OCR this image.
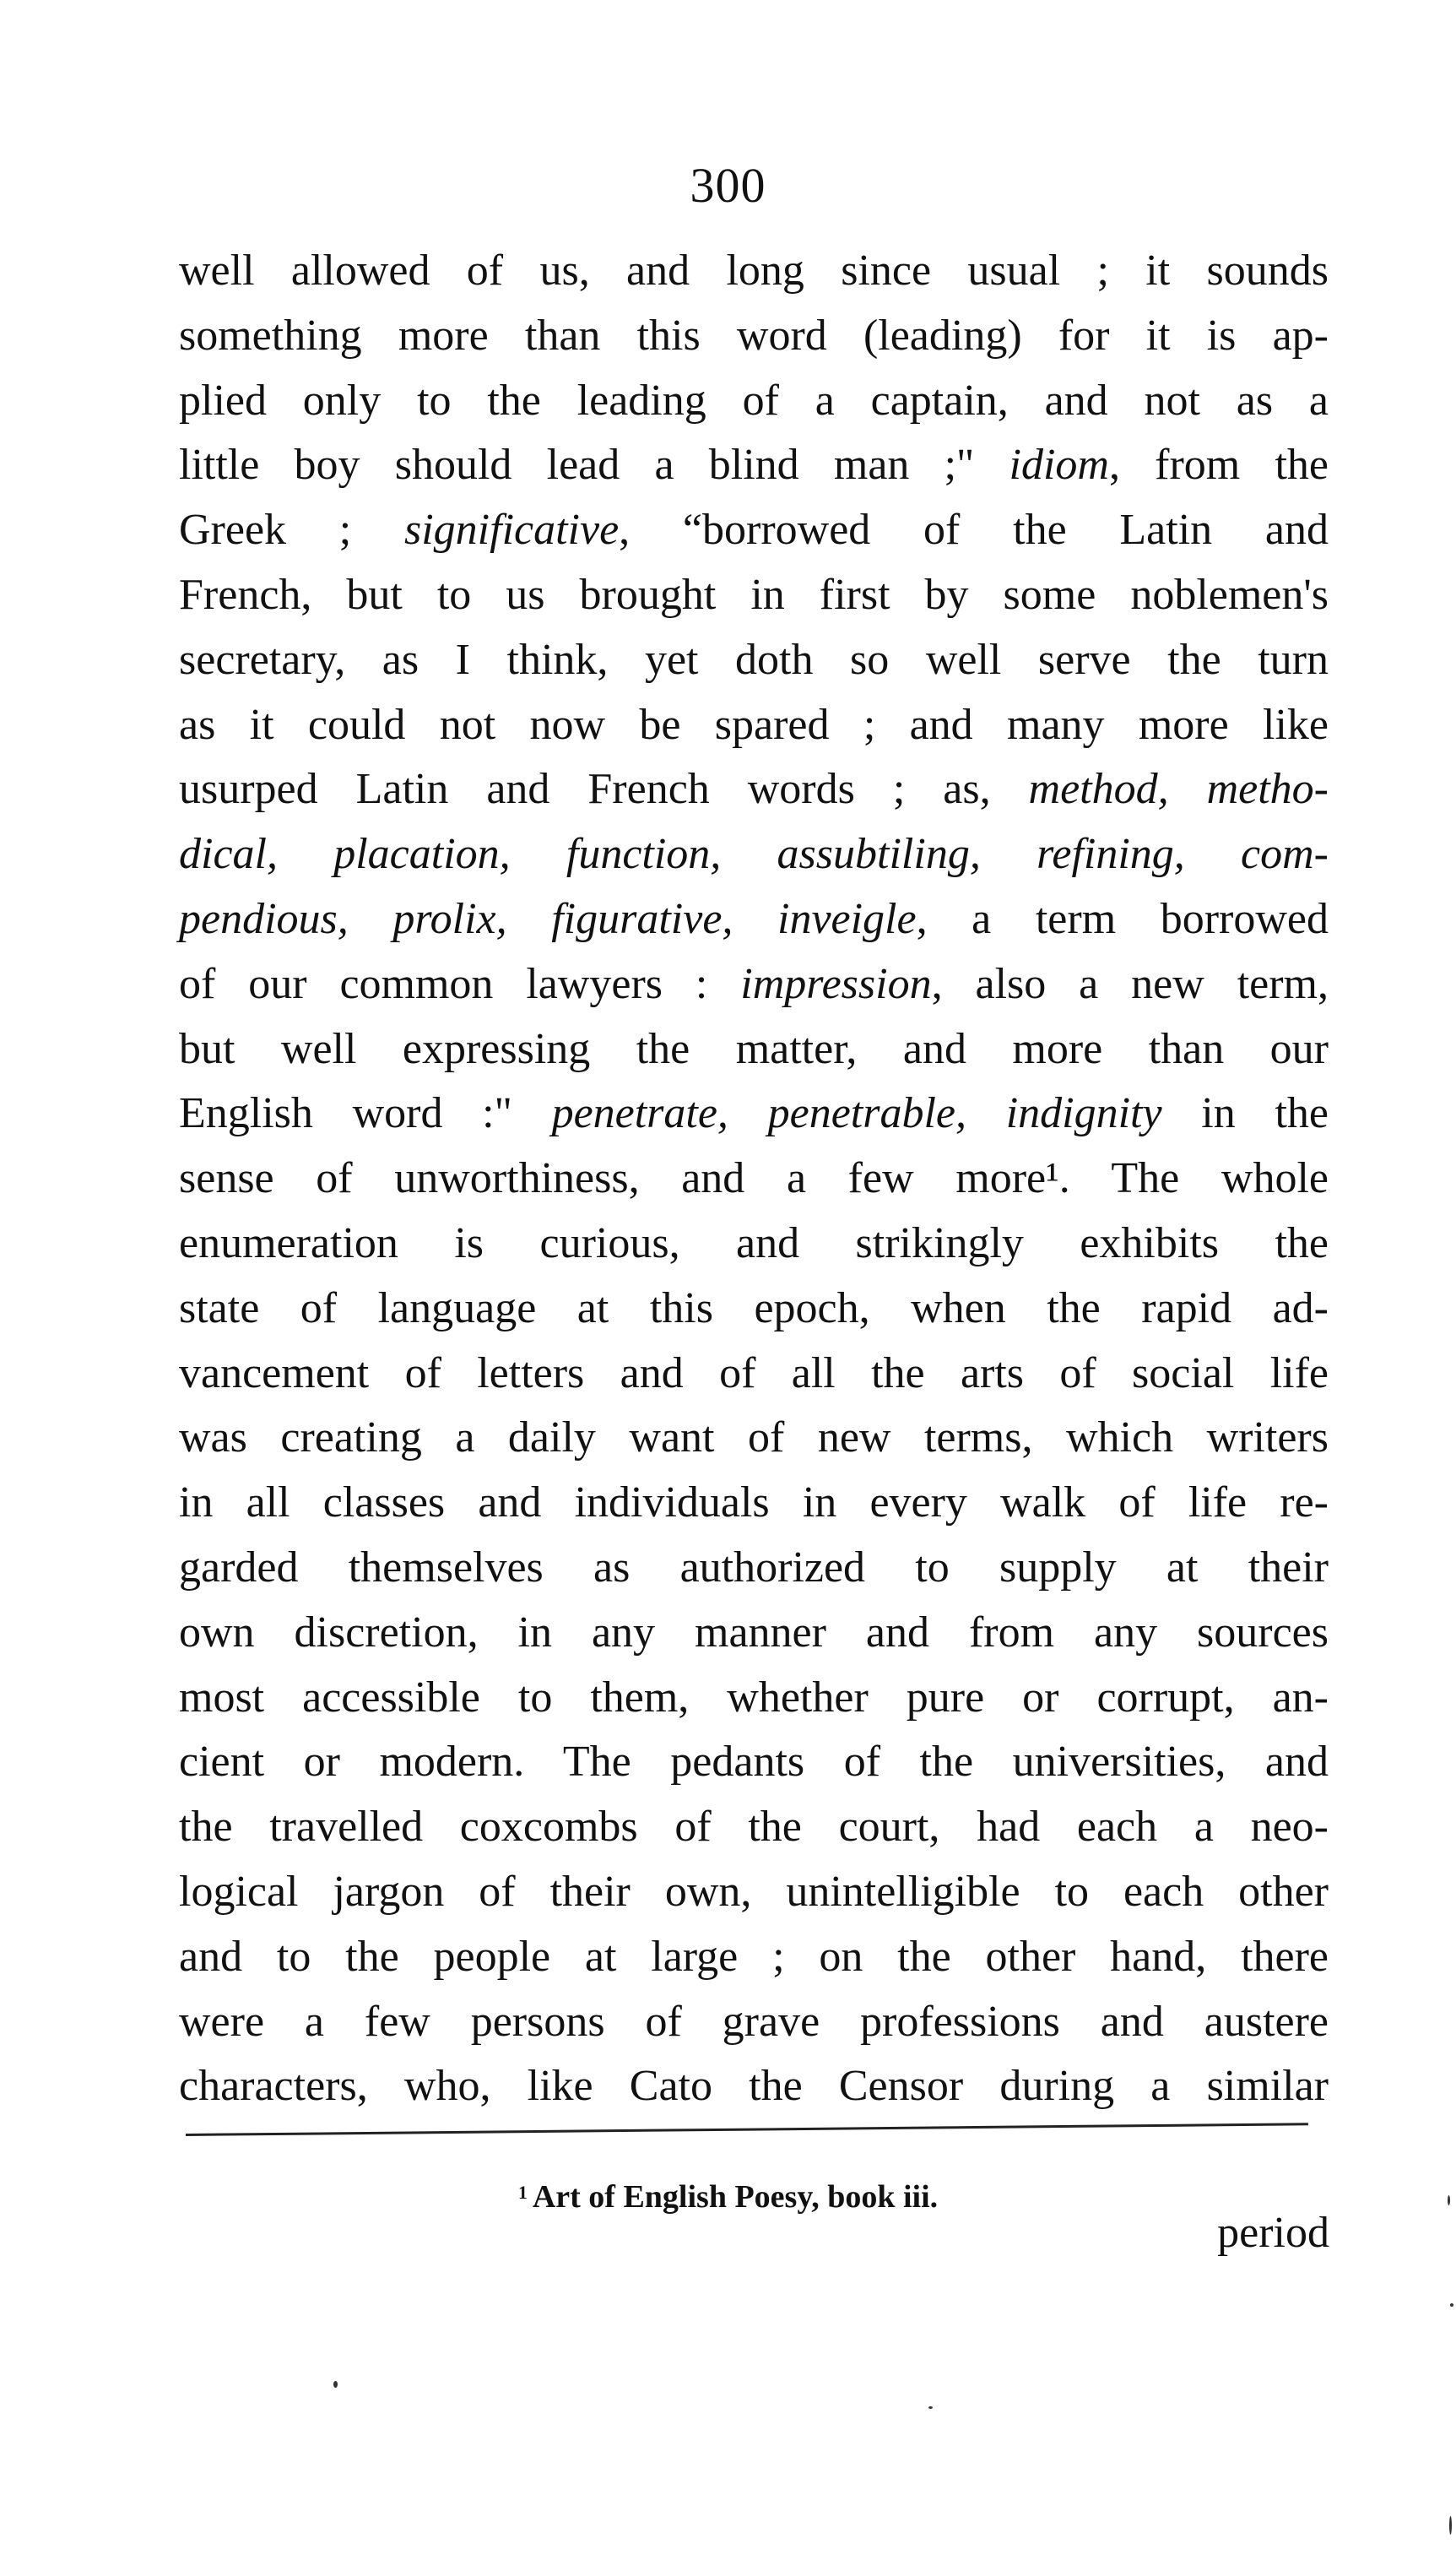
300
well allowed of us, and long since usual ; it sounds
something more than this word (leading) for it is ap-
plied only to the leading of a captain, and not as a
little boy should lead a blind man ;" idiom, from the
Greek ; significative, “borrowed of the Latin and
French, but to us brought in first by some noblemen's
secretary, as I think, yet doth so well serve the turn
as it could not now be spared ; and many more like
usurped Latin and French words ; as, method, metho-
dical, placation, function, assubtiling, refining, com-
pendious, prolix, figurative, inveigle, a term borrowed
of our common lawyers : impression, also a new term,
but well expressing the matter, and more than our
English word :" penetrate, penetrable, indignity in the
sense of unworthiness, and a few more¹. The whole
enumeration is curious, and strikingly exhibits the
state of language at this epoch, when the rapid ad-
vancement of letters and of all the arts of social life
was creating a daily want of new terms, which writers
in all classes and individuals in every walk of life re-
garded themselves as authorized to supply at their
own discretion, in any manner and from any sources
most accessible to them, whether pure or corrupt, an-
cient or modern. The pedants of the universities, and
the travelled coxcombs of the court, had each a neo-
logical jargon of their own, unintelligible to each other
and to the people at large ; on the other hand, there
were a few persons of grave professions and austere
characters, who, like Cato the Censor during a similar
$^1$ Art of English Poesy, book iii.
period
